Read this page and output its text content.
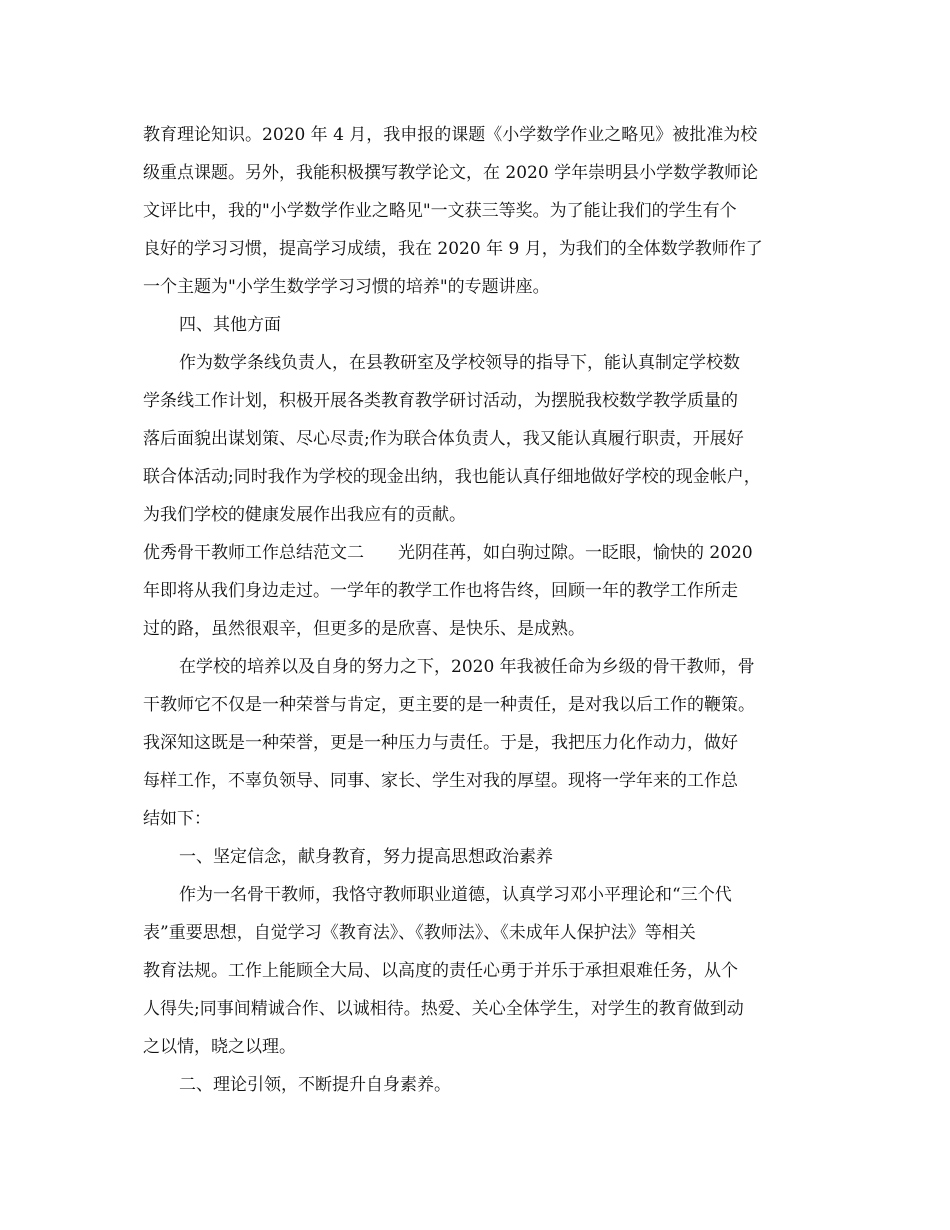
教育理论知识。2020 年 4 月，我申报的课题《小学数学作业之略见》被批准为校
级重点课题。另外，我能积极撰写教学论文，在 2020 学年崇明县小学数学教师论
文评比中，我的"小学数学作业之略见"一文获三等奖。为了能让我们的学生有个
良好的学习习惯，提高学习成绩，我在 2020 年 9 月，为我们的全体数学教师作了
一个主题为"小学生数学学习习惯的培养"的专题讲座。
四、其他方面
作为数学条线负责人，在县教研室及学校领导的指导下，能认真制定学校数
学条线工作计划，积极开展各类教育教学研讨活动，为摆脱我校数学教学质量的
落后面貌出谋划策、尽心尽责;作为联合体负责人，我又能认真履行职责，开展好
联合体活动;同时我作为学校的现金出纳，我也能认真仔细地做好学校的现金帐户，
为我们学校的健康发展作出我应有的贡献。
优秀骨干教师工作总结范文二　　光阴荏苒，如白驹过隙。一眨眼，愉快的 2020
年即将从我们身边走过。一学年的教学工作也将告终，回顾一年的教学工作所走
过的路，虽然很艰辛，但更多的是欣喜、是快乐、是成熟。
在学校的培养以及自身的努力之下，2020 年我被任命为乡级的骨干教师，骨
干教师它不仅是一种荣誉与肯定，更主要的是一种责任，是对我以后工作的鞭策。
我深知这既是一种荣誉，更是一种压力与责任。于是，我把压力化作动力，做好
每样工作，不辜负领导、同事、家长、学生对我的厚望。现将一学年来的工作总
结如下：
一、坚定信念，献身教育，努力提高思想政治素养
作为一名骨干教师，我恪守教师职业道德，认真学习邓小平理论和“三个代
表”重要思想，自觉学习《教育法》、《教师法》、《未成年人保护法》等相关
教育法规。工作上能顾全大局、以高度的责任心勇于并乐于承担艰难任务，从个
人得失;同事间精诚合作、以诚相待。热爱、关心全体学生，对学生的教育做到动
之以情，晓之以理。
二、理论引领，不断提升自身素养。
